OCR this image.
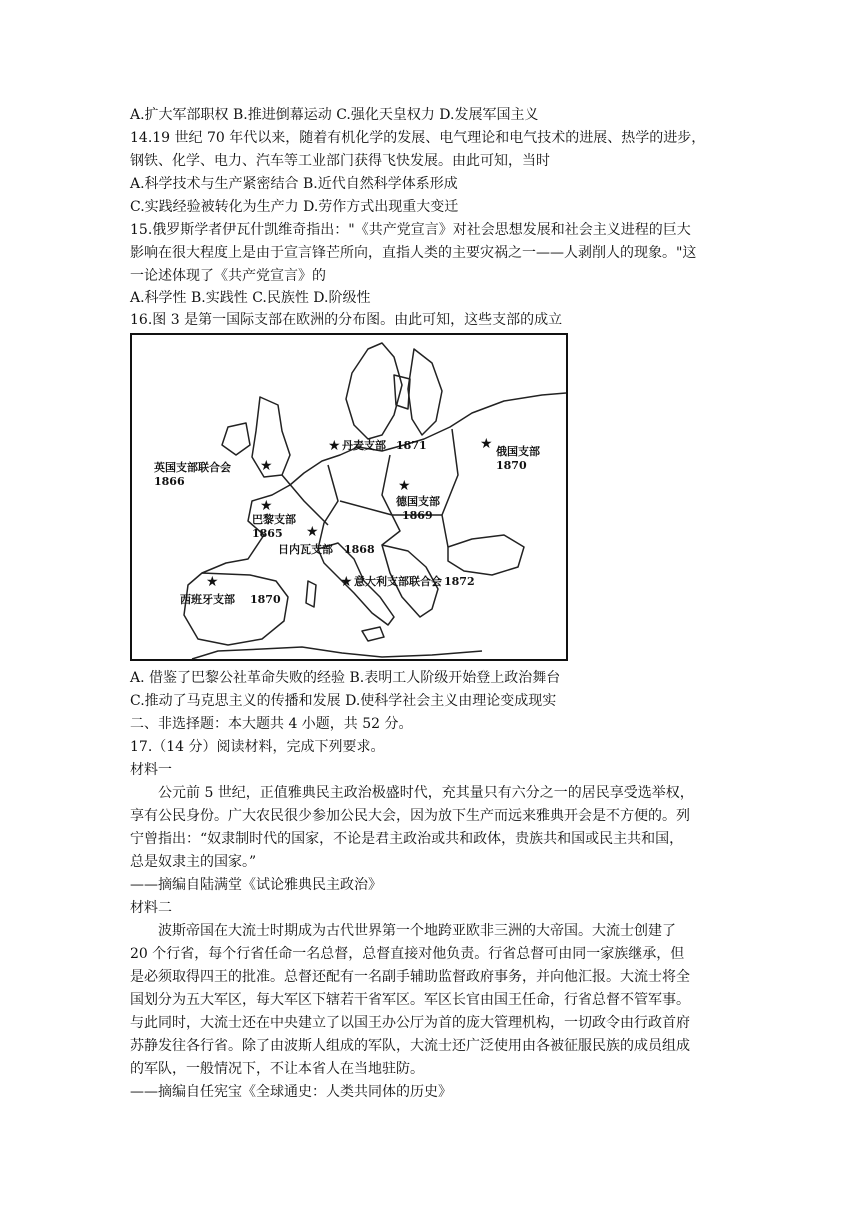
A.扩大军部职权 B.推进倒幕运动 C.强化天皇权力 D.发展军国主义
14.19 世纪 70 年代以来，随着有机化学的发展、电气理论和电气技术的进展、热学的进步，
钢铁、化学、电力、汽车等工业部门获得飞快发展。由此可知，当时
A.科学技术与生产紧密结合 B.近代自然科学体系形成
C.实践经验被转化为生产力 D.劳作方式出现重大变迁
15.俄罗斯学者伊瓦什凯维奇指出："《共产党宣言》对社会思想发展和社会主义进程的巨大
影响在很大程度上是由于宣言锋芒所向，直指人类的主要灾祸之一——人剥削人的现象。"这
一论述体现了《共产党宣言》的
A.科学性 B.实践性 C.民族性 D.阶级性
16.图 3 是第一国际支部在欧洲的分布图。由此可知，这些支部的成立
★
英国支部联合会
1866
★
巴黎支部
1865 ★
日内瓦支部 1868
★
西班牙支部 1870
★ 意大利支部联合会 1872
★
德国支部
1869
★ 俄国支部
1870
★ 丹麦支部 1871
A. 借鉴了巴黎公社革命失败的经验 B.表明工人阶级开始登上政治舞台
C.推动了马克思主义的传播和发展 D.使科学社会主义由理论变成现实
二、非选择题：本大题共 4 小题，共 52 分。
17.（14 分）阅读材料，完成下列要求。
材料一
公元前 5 世纪，正值雅典民主政治极盛时代，充其量只有六分之一的居民享受选举权，
享有公民身份。广大农民很少参加公民大会，因为放下生产而远来雅典开会是不方便的。列
宁曾指出：“奴隶制时代的国家，不论是君主政治或共和政体，贵族共和国或民主共和国，
总是奴隶主的国家。”
——摘编自陆满堂《试论雅典民主政治》
材料二
波斯帝国在大流士时期成为古代世界第一个地跨亚欧非三洲的大帝国。大流士创建了
20 个行省，每个行省任命一名总督，总督直接对他负责。行省总督可由同一家族继承，但
是必须取得四王的批准。总督还配有一名副手辅助监督政府事务，并向他汇报。大流士将全
国划分为五大军区，每大军区下辖若干省军区。军区长官由国王任命，行省总督不管军事。
与此同时，大流士还在中央建立了以国王办公厅为首的庞大管理机构，一切政令由行政首府
苏静发往各行省。除了由波斯人组成的军队，大流士还广泛使用由各被征服民族的成员组成
的军队，一般情况下，不让本省人在当地驻防。
——摘编自任宪宝《全球通史：人类共同体的历史》
